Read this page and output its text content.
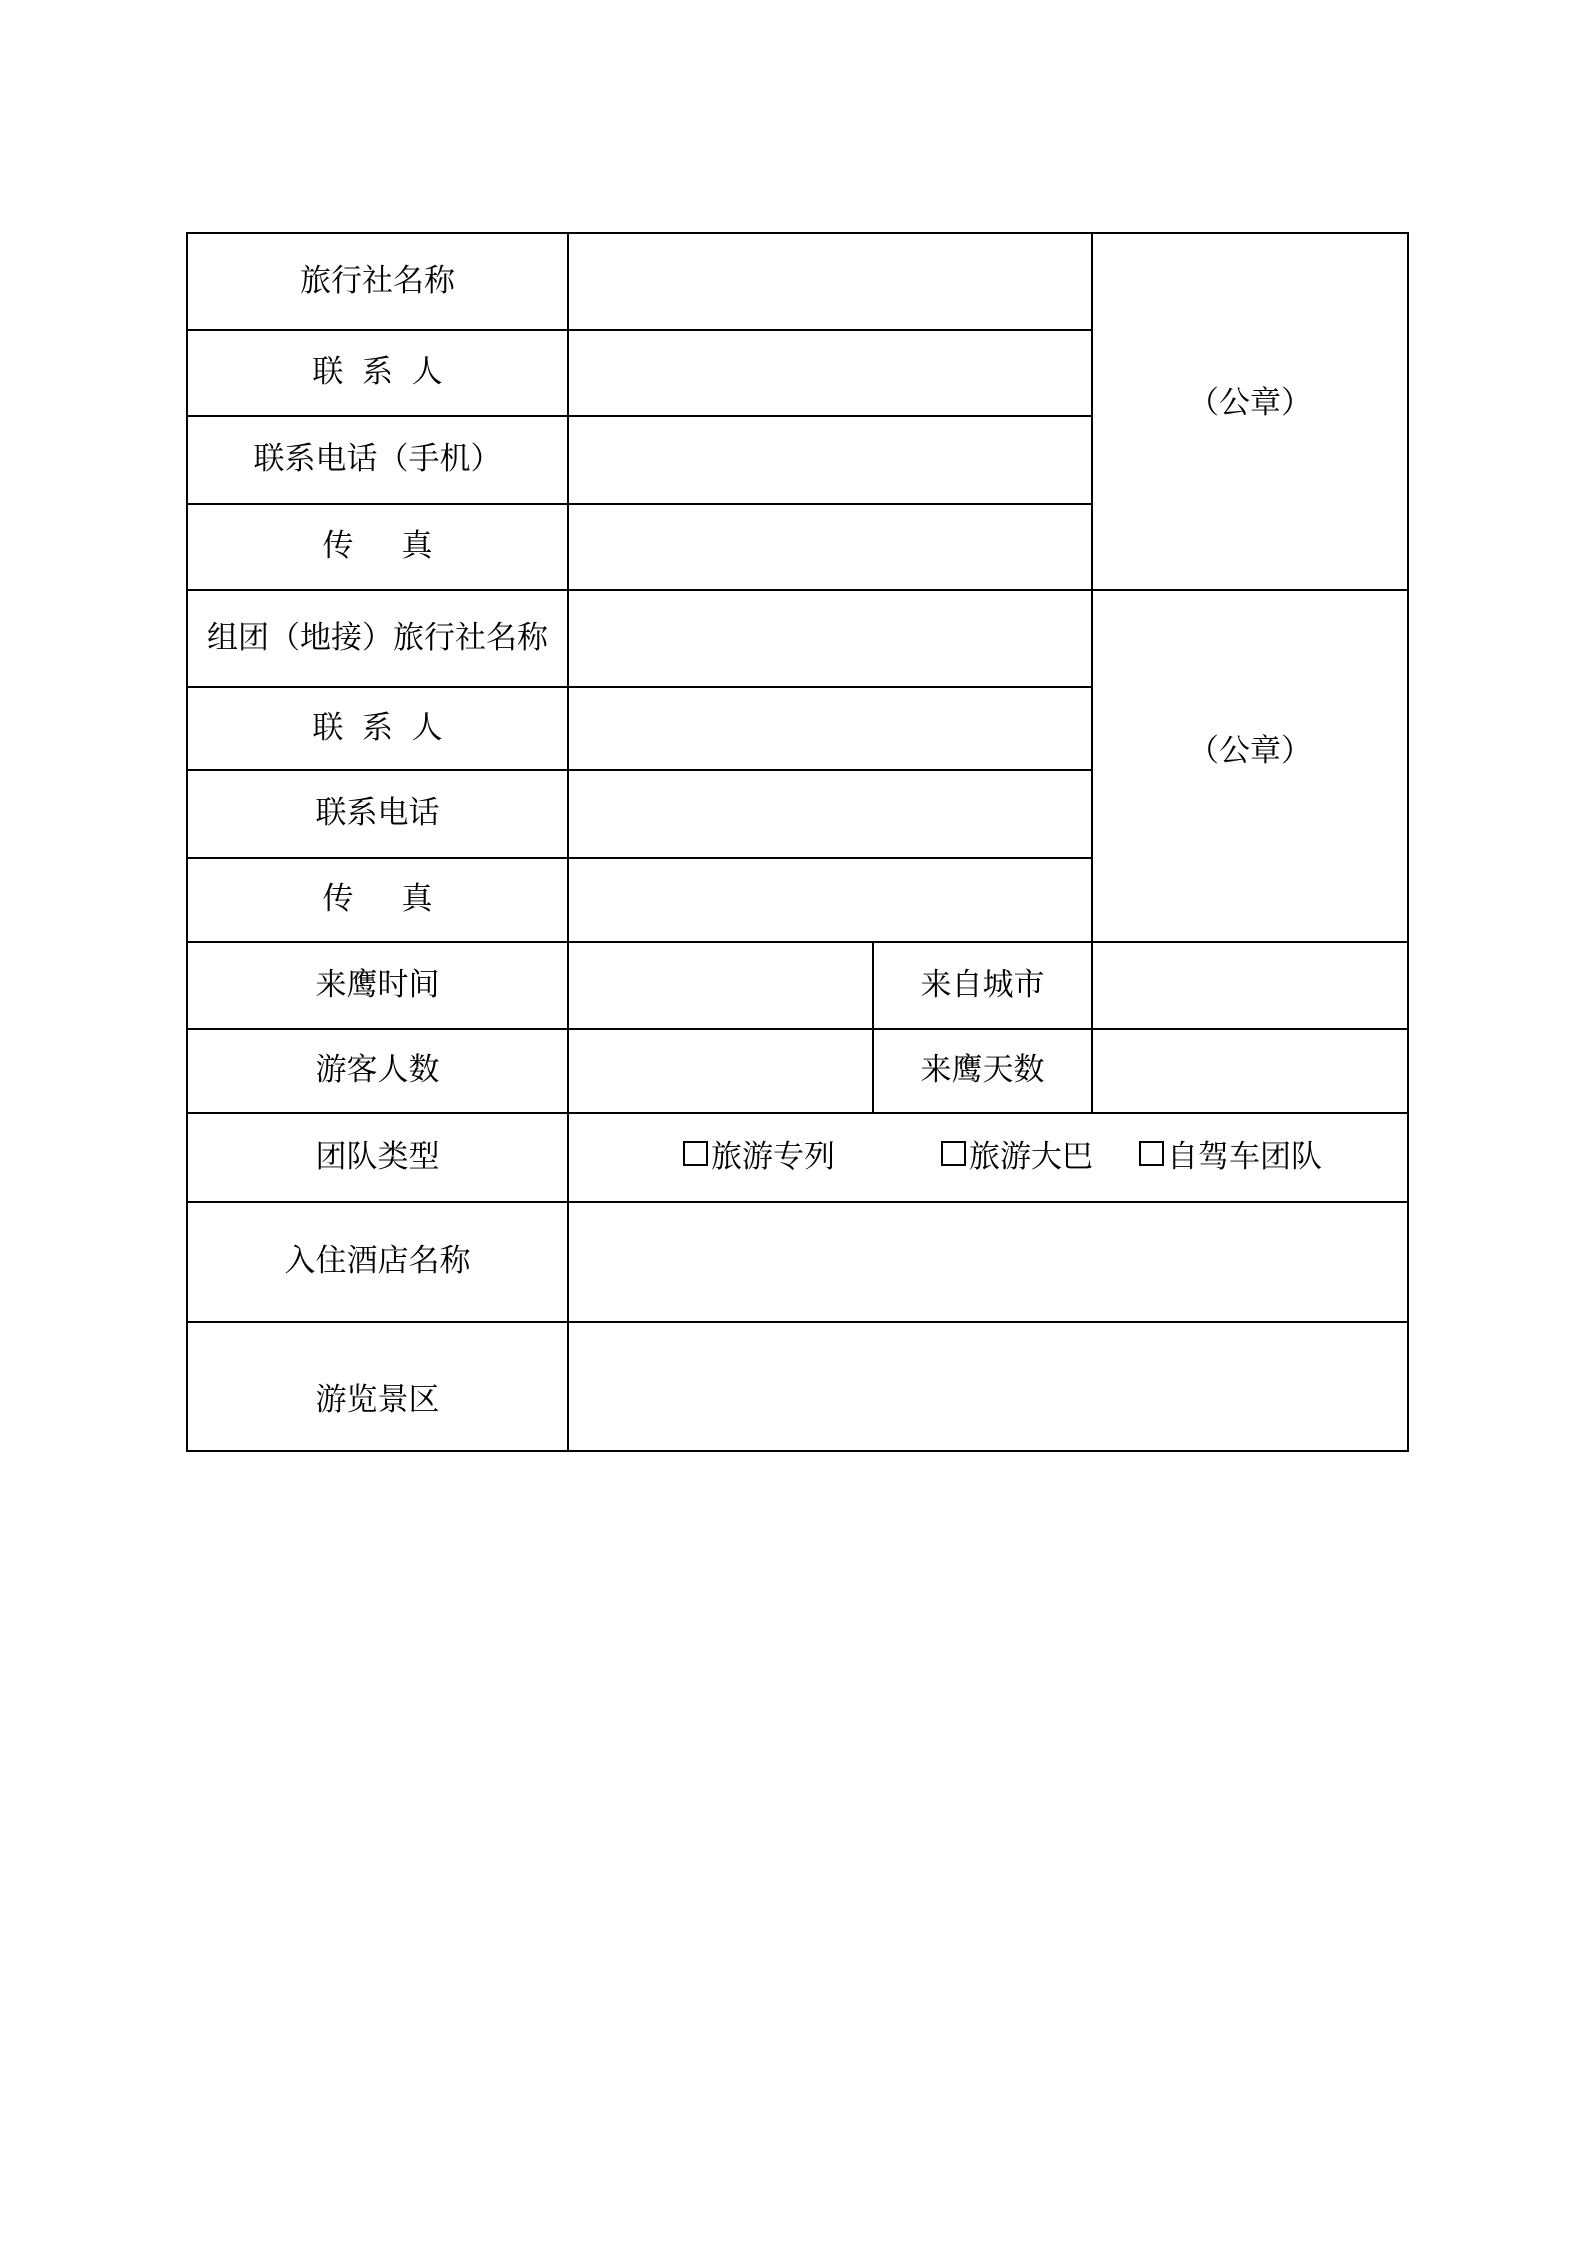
旅行社名称			（公章）
联系人			
联系电话（手机）			
传真			
组团（地接）旅行社名称			（公章）
联系人			
联系电话			
传真			
来鹰时间		来自城市	
游客人数		来鹰天数	
团队类型	旅游专列 旅游大巴 自驾车团队		

入住酒店名称			
游览景区			
